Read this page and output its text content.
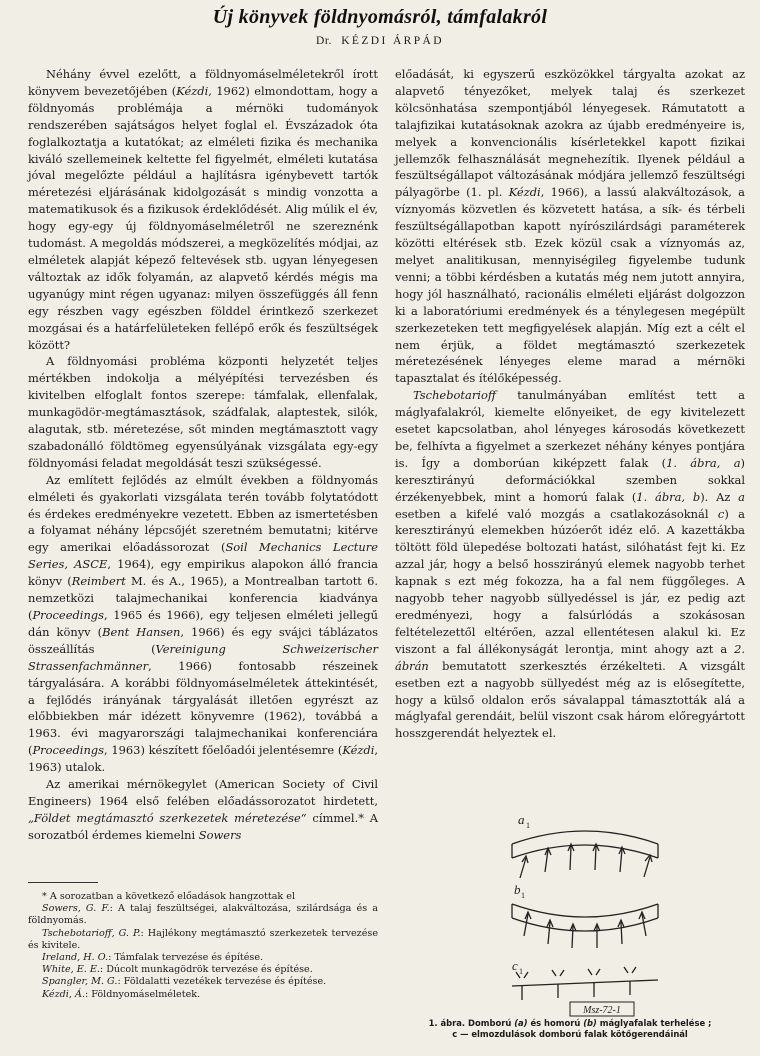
Új könyvek földnyomásról, támfalakról
Dr. KÉZDI ÁRPÁD

Néhány évvel ezelőtt, a földnyomáselméletekről írott könyvem bevezetőjében (Kézdi, 1962) elmondottam, hogy a földnyomás problémája a mérnöki tudományok rendszerében sajátságos helyet foglal el. Évszázadok óta foglalkoztatja a kutatókat; az elméleti fizika és mechanika kiváló szellemeinek keltette fel figyelmét, elméleti kutatása jóval megelőzte például a hajlításra igénybevett tartók méretezési eljárásának kidolgozását s mindig vonzotta a matematikusok és a fizikusok érdeklődését. Alig múlik el év, hogy egy-egy új földnyomáselméletről ne szereznénk tudomást. A megoldás módszerei, a megközelítés módjai, az elméletek alapját képező feltevések stb. ugyan lényegesen változtak az idők folyamán, az alapvető kérdés mégis ma ugyanúgy mint régen ugyanaz: milyen összefüggés áll fenn egy részben vagy egészben földdel érintkező szerkezet mozgásai és a határfelületeken fellépő erők és feszültségek között?

A földnyomási probléma központi helyzetét teljes mértékben indokolja a mélyépítési tervezésben és kivitelben elfoglalt fontos szerepe: támfalak, ellenfalak, munkagödör-megtámasztások, szádfalak, alaptestek, silók, alagutak, stb. méretezése, sőt minden megtámasztott vagy szabadonálló földtömeg egyensúlyának vizsgálata egy-egy földnyomási feladat megoldását teszi szükségessé.

Az említett fejlődés az elmúlt években a földnyomás elméleti és gyakorlati vizsgálata terén tovább folytatódott és érdekes eredményekre vezetett. Ebben az ismertetésben a folyamat néhány lépcsőjét szeretném bemutatni; kitérve egy amerikai előadássorozat (Soil Mechanics Lecture Series, ASCE, 1964), egy empirikus alapokon álló francia könyv (Reimbert M. és A., 1965), a Montrealban tartott 6. nemzetközi talajmechanikai konferencia kiadványa (Proceedings, 1965 és 1966), egy teljesen elméleti jellegű dán könyv (Bent Hansen, 1966) és egy svájci táblázatos összeállítás (Vereinigung Schweizerischer Strassenfachmänner, 1966) fontosabb részeinek tárgyalására. A korábbi földnyomáselméletek áttekintését, a fejlődés irányának tárgyalását illetően egyrészt az előbbiekben már idézett könyvemre (1962), továbbá a 1963. évi magyarországi talajmechanikai konferenciára (Proceedings, 1963) készített főelőadói jelentésemre (Kézdi, 1963) utalok.

Az amerikai mérnökegylet (American Society of Civil Engineers) 1964 első felében előadássorozatot hirdetett, „Földet megtámasztó szerkezetek méretezése“ címmel.* A sorozatból érdemes kiemelni Sowers

* A sorozatban a következő előadások hangzottak el

Sowers, G. F.: A talaj feszültségei, alakváltozása, szilárdsága és a földnyomás.

Tschebotarioff, G. P.: Hajlékony megtámasztó szerkezetek tervezése és kivitele.

Ireland, H. O.: Támfalak tervezése és építése.

White, E. E.: Dúcolt munkagödrök tervezése és építése.

Spangler, M. G.: Földalatti vezetékek tervezése és építése.

Kézdi, Á.: Földnyomáselméletek.

előadását, ki egyszerű eszközökkel tárgyalta azokat az alapvető tényezőket, melyek talaj és szerkezet kölcsönhatása szempontjából lényegesek. Rámutatott a talajfizikai kutatásoknak azokra az újabb eredményeire is, melyek a konvencionális kísérletekkel kapott fizikai jellemzők felhasználását megnehezítik. Ilyenek például a feszültségállapot változásának módjára jellemző feszültségi pályagörbe (1. pl. Kézdi, 1966), a lassú alakváltozások, a víznyomás közvetlen és közvetett hatása, a sík- és térbeli feszültségállapotban kapott nyírószilárdsági paraméterek közötti eltérések stb. Ezek közül csak a víznyomás az, melyet analitikusan, mennyiségileg figyelembe tudunk venni; a többi kérdésben a kutatás még nem jutott annyira, hogy jól használható, racionális elméleti eljárást dolgozzon ki a laboratóriumi eredmények és a ténylegesen megépült szerkezeteken tett megfigyelések alapján. Míg ezt a célt el nem érjük, a földet megtámasztó szerkezetek méretezésének lényeges eleme marad a mérnöki tapasztalat és ítélőképesség.

Tschebotarioff tanulmányában említést tett a máglyafalakról, kiemelte előnyeiket, de egy kivitelezett esetet kapcsolatban, ahol lényeges károsodás következett be, felhívta a figyelmet a szerkezet néhány kényes pontjára is. Így a domborúan kiképzett falak (1. ábra, a) keresztirányú deformációkkal szemben sokkal érzékenyebbek, mint a homorú falak (1. ábra, b). Az a esetben a kifelé való mozgás a csatlakozásoknál c) a keresztirányú elemekben húzóerőt idéz elő. A kazettákba töltött föld ülepedése boltozati hatást, silóhatást fejt ki. Ez azzal jár, hogy a belső hosszirányú elemek nagyobb terhet kapnak s ezt még fokozza, ha a fal nem függőleges. A nagyobb teher nagyobb süllyedéssel is jár, ez pedig azt eredményezi, hogy a falsúrlódás a szokásosan feltételezettől eltérően, azzal ellentétesen alakul ki. Ez viszont a fal állékonyságát lerontja, mint ahogy azt a 2. ábrán bemutatott szerkesztés érzékelteti. A vizsgált esetben ezt a nagyobb süllyedést még az is elősegítette, hogy a külső oldalon erős sávalappal támasztották alá a máglyafal gerendáit, belül viszont csak három előregyártott hosszgerendát helyeztek el.

a 1
b 1
c 1
Msz-72-1
1. ábra. Domború (a) és homorú (b) máglyafalak terhelése ;
c — elmozdulások domború falak kötőgerendáinál
